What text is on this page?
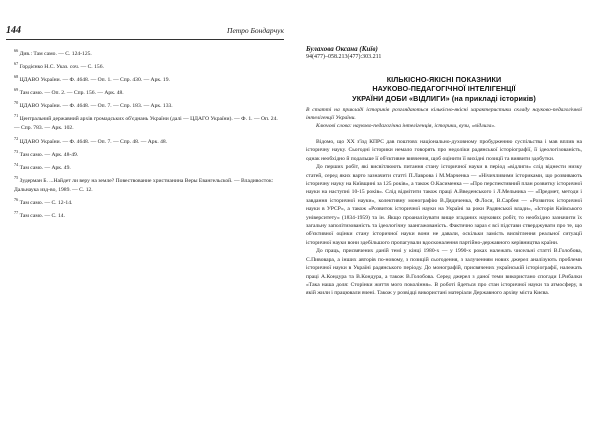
144	Петро Бондарчук

$^{66}$ Див.: Там само. — С. 124-125.

$^{67}$ Гордієнко Н.С. Указ. соч. — С. 156.

$^{68}$ ЦДАВО України. — Ф. 4648. — Оп. 1. — Спр. 430. — Арк. 19.

$^{69}$ Там само. — Оп. 2. — Спр. 156. — Арк. 48.

$^{70}$ ЦДАВО України. — Ф. 4648. — Оп. 7. — Спр. 183. — Арк. 133.

$^{71}$ Центральний державний архів громадських об'єднань України (далі — ЦДАГО України). — Ф. 1. — Оп. 24. — Спр. 783. — Арк. 102.

$^{72}$ ЦДАВО України. — Ф. 4648. — Оп. 7. — Спр. 48. — Арк. 48.

$^{73}$ Там само. — Арк. 48-49.

$^{74}$ Там само. — Арк. 49.

$^{75}$ Зудерман Б. ...Найдет ли веру на земле? Повествование христианина Веры Евангельской. — Владивосток: Дальнаука изд-во, 1989. — С. 12.

$^{76}$ Там само. — С. 12-14.

$^{77}$ Там само. — С. 14.

Булахова Оксана (Київ)
94(477)–058.213(477):303.211
КІЛЬКІСНО-ЯКІСНІ ПОКАЗНИКИ
НАУКОВО-ПЕДАГОГІЧНОЇ ІНТЕЛІГЕНЦІЇ
УКРАЇНИ ДОБИ «ВІДЛИГИ» (на прикладі істориків)

В статті на прикладі істориків розглядаються кількісно-якісні характеристики складу науково-педагогічної інтелігенції України.

Ключові слова: науково-педагогічна інтелігенція, історики, вузи, «відлига».

Відомо, що ХХ з'їзд КПРС дав поштовх національно-духовному пробудженню суспільства і мав вплив на історичну науку. Сьогодні історики немало говорять про недоліки радянської історіографії, її ідеологізованість, однак необхідно й подальше її об'єктивне вивчення, щоб оцінити її вихідні позиції та виявити здобутки.

До перших робіт, які висвітлюють питання стану історичної науки в період «відлиги» слід віднести низку статей, серед яких варто зазначити статті П.Лаврова і М.Марченка — «Нічичливими істориками, що розвивають історичну науку на Київщині за 125 років», а також О.Касименка — «Про перспективний план розвитку історичної науки на наступні 10-15 років». Слід відмітити також праці А.Введенського і Л.Мельника — «Предмет, методи і завдання історичної науки», колективну монографію В.Дядиченка, Ф.Лося, В.Сарбея — «Розвиток історичної науки в УРСР», а також «Розвиток історичної науки на Україні за роки Радянської влади», «Історія Київського університету» (1834-1959) та ін. Якщо проаналізувати вище згаданих наукових робіт, то необхідно зазначити їх загальну заполітизованість та ідеологічну заангажованість. Фактично зараз є всі підстави стверджувати про те, що об'єктивної оцінки стану історичної науки вони не давали, оскільки замість висвітлення реальної ситуації історичної науки вони здебільшого пропагували вдосконалення партійно-державного керівництва країни.

До праць, присвячених даній темі у кінці 1980-х — у 1990-х роках належать чисельні статті В.Голобова, С.Пивовара, а інших авторів по-новому, з позицій сьогодення, з залученням нових джерел аналізують проблеми історичної науки в Україні радянського періоду. До монографій, присвячених українській історіографії, належать праці А.Кондура та В.Кондура, а також В.Голобова. Серед джерел з даної теми використано спогади І.Рибалки «Така наша доля: Сторінки життя мого покоління». В роботі йдеться про стан історичної науки та атмосферу, в якій жили і працювали вчені. Також у розвідці використані матеріали Державного архіву міста Києва.
